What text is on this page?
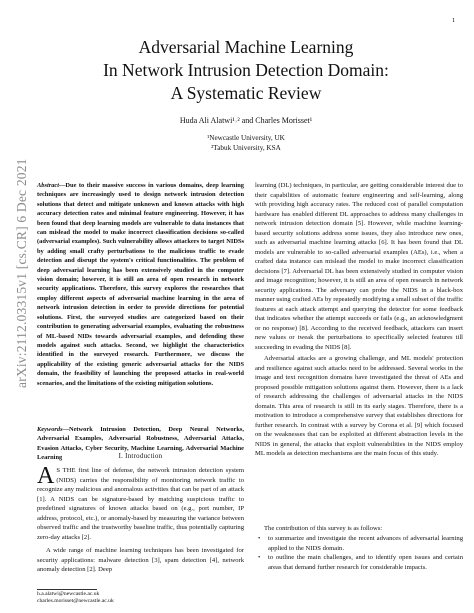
1
arXiv:2112.03315v1 [cs.CR] 6 Dec 2021
Adversarial Machine Learning
In Network Intrusion Detection Domain:
A Systematic Review
Huda Ali Alatwi¹˒² and Charles Morisset¹
¹Newcastle University, UK
²Tabuk University, KSA
Abstract—Due to their massive success in various domains, deep learning techniques are increasingly used to design network intrusion detection solutions that detect and mitigate unknown and known attacks with high accuracy detection rates and minimal feature engineering. However, it has been found that deep learning models are vulnerable to data instances that can mislead the model to make incorrect classification decisions so-called (adversarial examples). Such vulnerability allows attackers to target NIDSs by adding small crafty perturbations to the malicious traffic to evade detection and disrupt the system's critical functionalities. The problem of deep adversarial learning has been extensively studied in the computer vision domain; however, it is still an area of open research in network security applications. Therefore, this survey explores the researches that employ different aspects of adversarial machine learning in the area of network intrusion detection in order to provide directions for potential solutions. First, the surveyed studies are categorized based on their contribution to generating adversarial examples, evaluating the robustness of ML-based NIDs towards adversarial examples, and defending these models against such attacks. Second, we highlight the characteristics identified in the surveyed research. Furthermore, we discuss the applicability of the existing generic adversarial attacks for the NIDS domain, the feasibility of launching the proposed attacks in real-world scenarios, and the limitations of the existing mitigation solutions.
Keywords—Network Intrusion Detection, Deep Neural Networks, Adversarial Examples, Adversarial Robustness, Adversarial Attacks, Evasion Attacks, Cyber Security, Machine Learning, Adversarial Machine Learning	I. Introduction
A S THE first line of defense, the network intrusion detection system (NIDS) carries the responsibility of monitoring network traffic to recognize any malicious and anomalous activities that can be part of an attack [1]. A NIDS can be signature-based by matching suspicious traffic to predefined signatures of known attacks based on (e.g., port number, IP address, protocol, etc.), or anomaly-based by measuring the variance between observed traffic and the trustworthy baseline traffic, thus potentially capturing zero-day attacks [2].

A wide range of machine learning techniques has been investigated for security applications: malware detection [3], spam detection [4], network anomaly detection [2]. Deep

h.a.alatwi@newcastle.ac.uk
charles.morisset@newcastle.ac.uk

learning (DL) techniques, in particular, are getting considerable interest due to their capabilities of automatic feature engineering and self-learning, along with providing high accuracy rates. The reduced cost of parallel computation hardware has enabled different DL approaches to address many challenges in network intrusion detection domain [5]. However, while machine learning-based security solutions address some issues, they also introduce new ones, such as adversarial machine learning attacks [6]. It has been found that DL models are vulnerable to so-called adversarial examples (AEs), i.e., when a crafted data instance can mislead the model to make incorrect classification decisions [7]. Adversarial DL has been extensively studied in computer vision and image recognition; however, it is still an area of open research in network security applications. The adversary can probe the NIDS in a black-box manner using crafted AEs by repeatedly modifying a small subset of the traffic features at each attack attempt and querying the detector for some feedback that indicates whether the attempt succeeds or fails (e.g., an acknowledgment or no response) [8]. According to the received feedback, attackers can insert new values or tweak the perturbations to specifically selected features till succeeding in evading the NIDS [8].

Adversarial attacks are a growing challenge, and ML models' protection and resilience against such attacks need to be addressed. Several works in the image and text recognition domains have investigated the threat of AEs and proposed possible mitigation solutions against them. However, there is a lack of research addressing the challenges of adversarial attacks in the NIDS domain. This area of research is still in its early stages. Therefore, there is a motivation to introduce a comprehensive survey that establishes directions for further research. In contrast with a survey by Corona et al. [9] which focused on the weaknesses that can be exploited at different abstraction levels in the NIDS in general, the attacks that exploit vulnerabilities in the NIDS employ ML models as detection mechanisms are the main focus of this study.

The contribution of this survey is as follows:

• to summarize and investigate the recent advances of adversarial learning applied to the NIDS domain.
• to outline the main challenges, and to identify open issues and certain areas that demand further research for considerable impacts.
